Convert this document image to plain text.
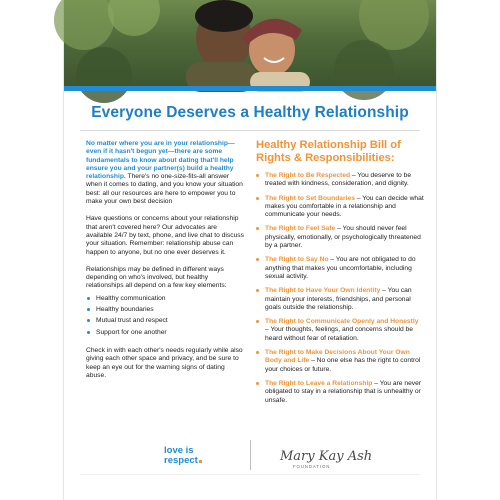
Everyone Deserves a Healthy Relationship

No matter where you are in your relationship—even if it hasn't begun yet—there are some fundamentals to know about dating that'll help ensure you and your partner(s) build a healthy relationship. There's no one-size-fits-all answer when it comes to dating, and you know your situation best: all our resources are here to empower you to make your own best decision

Have questions or concerns about your relationship that aren't covered here? Our advocates are available 24/7 by text, phone, and live chat to discuss your situation. Remember: relationship abuse can happen to anyone, but no one ever deserves it.

Relationships may be defined in different ways depending on who's involved, but healthy relationships all depend on a few key elements:

Healthy communication
Healthy boundaries
Mutual trust and respect
Support for one another

Check in with each other's needs regularly while also giving each other space and privacy, and be sure to keep an eye out for the warning signs of dating abuse.

Healthy Relationship Bill of Rights & Responsibilities:
The Right to Be Respected – You deserve to be treated with kindness, consideration, and dignity.
The Right to Set Boundaries – You can decide what makes you comfortable in a relationship and communicate your needs.
The Right to Feel Safe – You should never feel physically, emotionally, or psychologically threatened by a partner.
The Right to Say No – You are not obligated to do anything that makes you uncomfortable, including sexual activity.
The Right to Have Your Own Identity – You can maintain your interests, friendships, and personal goals outside the relationship.
The Right to Communicate Openly and Honestly – Your thoughts, feelings, and concerns should be heard without fear of retaliation.
The Right to Make Decisions About Your Own Body and Life – No one else has the right to control your choices or future.
The Right to Leave a Relationship – You are never obligated to stay in a relationship that is unhealthy or unsafe.
love is
respect	Mary Kay Ash
FOUNDATION
